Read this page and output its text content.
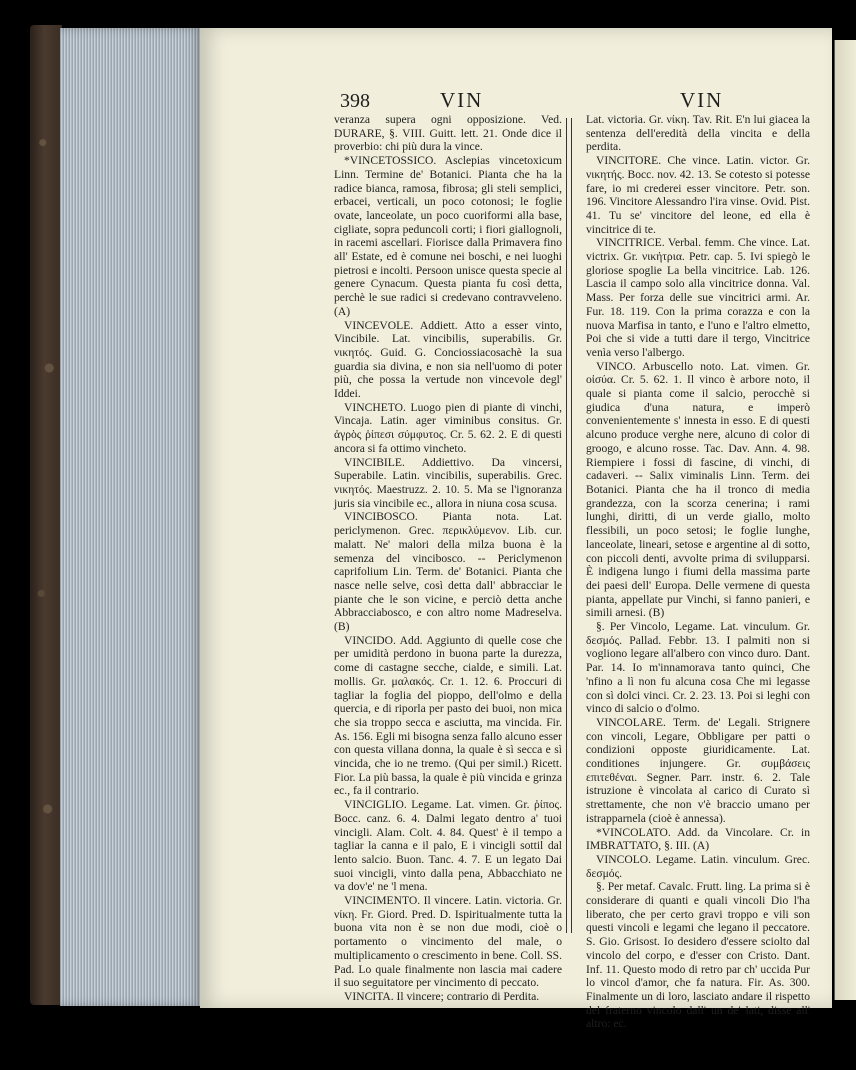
398	VIN	VIN

veranza supera ogni opposizione. Ved. DURARE, §. VIII. Guitt. lett. 21. Onde dice il proverbio: chi più dura la vince.

*VINCETOSSICO. Asclepias vincetoxicum Linn. Termine de' Botanici. Pianta che ha la radice bianca, ramosa, fibrosa; gli steli semplici, erbacei, verticali, un poco cotonosi; le foglie ovate, lanceolate, un poco cuoriformi alla base, cigliate, sopra peduncoli corti; i fiori giallognoli, in racemi ascellari. Fiorisce dalla Primavera fino all' Estate, ed è comune nei boschi, e nei luoghi pietrosi e incolti. Persoon unisce questa specie al genere Cynacum. Questa pianta fu così detta, perchè le sue radici si credevano contravveleno. (A)

VINCEVOLE. Addiett. Atto a esser vinto, Vincibile. Lat. vincibilis, superabilis. Gr. νικητός. Guid. G. Conciossiacosachè la sua guardia sia divina, e non sia nell'uomo di poter più, che possa la vertude non vincevole degl' Iddei.

VINCHETO. Luogo pien di piante di vinchi, Vincaja. Latin. ager viminibus consitus. Gr. ἀγρὸς ῥίπεσι σύμφυτος. Cr. 5. 62. 2. E di questi ancora si fa ottimo vincheto.

VINCIBILE. Addiettivo. Da vincersi, Superabile. Latin. vincibilis, superabilis. Grec. νικητός. Maestruzz. 2. 10. 5. Ma se l'ignoranza juris sia vincibile ec., allora in niuna cosa scusa.

VINCIBOSCO. Pianta nota. Lat. periclymenon. Grec. περικλύμενον. Lib. cur. malatt. Ne' malori della milza buona è la semenza del vincibosco. -- Periclymenon caprifolium Lin. Term. de' Botanici. Pianta che nasce nelle selve, così detta dall' abbracciar le piante che le son vicine, e perciò detta anche Abbracciabosco, e con altro nome Madreselva. (B)

VINCIDO. Add. Aggiunto di quelle cose che per umidità perdono in buona parte la durezza, come di castagne secche, cialde, e simili. Lat. mollis. Gr. μαλακός. Cr. 1. 12. 6. Proccuri di tagliar la foglia del pioppo, dell'olmo e della quercia, e di riporla per pasto dei buoi, non mica che sia troppo secca e asciutta, ma vincida. Fir. As. 156. Egli mi bisogna senza fallo alcuno esser con questa villana donna, la quale è sì secca e sì vincida, che io ne tremo. (Qui per simil.) Ricett. Fior. La più bassa, la quale è più vincida e grinza ec., fa il contrario.

VINCIGLIO. Legame. Lat. vimen. Gr. ῥίπος. Bocc. canz. 6. 4. Dalmi legato dentro a' tuoi vincigli. Alam. Colt. 4. 84. Quest' è il tempo a tagliar la canna e il palo, E i vincigli sottil dal lento salcio. Buon. Tanc. 4. 7. E un legato Dai suoi vincigli, vinto dalla pena, Abbacchiato ne va dov'e' ne 'l mena.

VINCIMENTO. Il vincere. Latin. victoria. Gr. νίκη. Fr. Giord. Pred. D. Ispiritualmente tutta la buona vita non è se non due modi, cioè o portamento o vincimento del male, o multiplicamento o crescimento in bene. Coll. SS. Pad. Lo quale finalmente non lascia mai cadere il suo seguitatore per vincimento di peccato.

VINCITA. Il vincere; contrario di Perdita.

Lat. victoria. Gr. νίκη. Tav. Rit. E'n lui giacea la sentenza dell'eredità della vincita e della perdita.

VINCITORE. Che vince. Latin. victor. Gr. νικητής. Bocc. nov. 42. 13. Se cotesto si potesse fare, io mi crederei esser vincitore. Petr. son. 196. Vincitore Alessandro l'ira vinse. Ovid. Pist. 41. Tu se' vincitore del leone, ed ella è vincitrice di te.

VINCITRICE. Verbal. femm. Che vince. Lat. victrix. Gr. νικήτρια. Petr. cap. 5. Ivi spiegò le gloriose spoglie La bella vincitrice. Lab. 126. Lascia il campo solo alla vincitrice donna. Val. Mass. Per forza delle sue vincitrici armi. Ar. Fur. 18. 119. Con la prima corazza e con la nuova Marfisa in tanto, e l'uno e l'altro elmetto, Poi che si vide a tutti dare il tergo, Vincitrice venìa verso l'albergo.

VINCO. Arbuscello noto. Lat. vimen. Gr. οἰσύα. Cr. 5. 62. 1. Il vinco è arbore noto, il quale si pianta come il salcio, perocchè si giudica d'una natura, e imperò convenientemente s' innesta in esso. E di questi alcuno produce verghe nere, alcuno di color di groogo, e alcuno rosse. Tac. Dav. Ann. 4. 98. Riempiere i fossi di fascine, di vinchi, di cadaveri. -- Salix viminalis Linn. Term. dei Botanici. Pianta che ha il tronco di media grandezza, con la scorza cenerina; i rami lunghi, diritti, di un verde giallo, molto flessibili, un poco setosi; le foglie lunghe, lanceolate, lineari, setose e argentine al di sotto, con piccoli denti, avvolte prima di svilupparsi. È indigena lungo i fiumi della massima parte dei paesi dell' Europa. Delle vermene di questa pianta, appellate pur Vinchi, si fanno panieri, e simili arnesi. (B)

§. Per Vincolo, Legame. Lat. vinculum. Gr. δεσμός. Pallad. Febbr. 13. I palmiti non si vogliono legare all'albero con vinco duro. Dant. Par. 14. Io m'innamorava tanto quinci, Che 'nfino a lì non fu alcuna cosa Che mi legasse con sì dolci vinci. Cr. 2. 23. 13. Poi si leghi con vinco di salcio o d'olmo.

VINCOLARE. Term. de' Legali. Strignere con vincoli, Legare, Obbligare per patti o condizioni opposte giuridicamente. Lat. conditiones injungere. Gr. συμβάσεις επιτεθέναι. Segner. Parr. instr. 6. 2. Tale istruzione è vincolata al carico di Curato sì strettamente, che non v'è braccio umano per istrapparnela (cioè è annessa).

*VINCOLATO. Add. da Vincolare. Cr. in IMBRATTATO, §. III. (A)

VINCOLO. Legame. Latin. vinculum. Grec. δεσμός.

§. Per metaf. Cavalc. Frutt. ling. La prima si è considerare di quanti e quali vincoli Dio l'ha liberato, che per certo gravi troppo e vili son questi vincoli e legami che legano il peccatore. S. Gio. Grisost. Io desidero d'essere sciolto dal vincolo del corpo, e d'esser con Cristo. Dant. Inf. 11. Questo modo di retro par ch' uccida Pur lo vincol d'amor, che fa natura. Fir. As. 300. Finalmente un di loro, lasciato andare il rispetto del fraterno vincolo dall' un de' lati, disse all' altro: ec.
